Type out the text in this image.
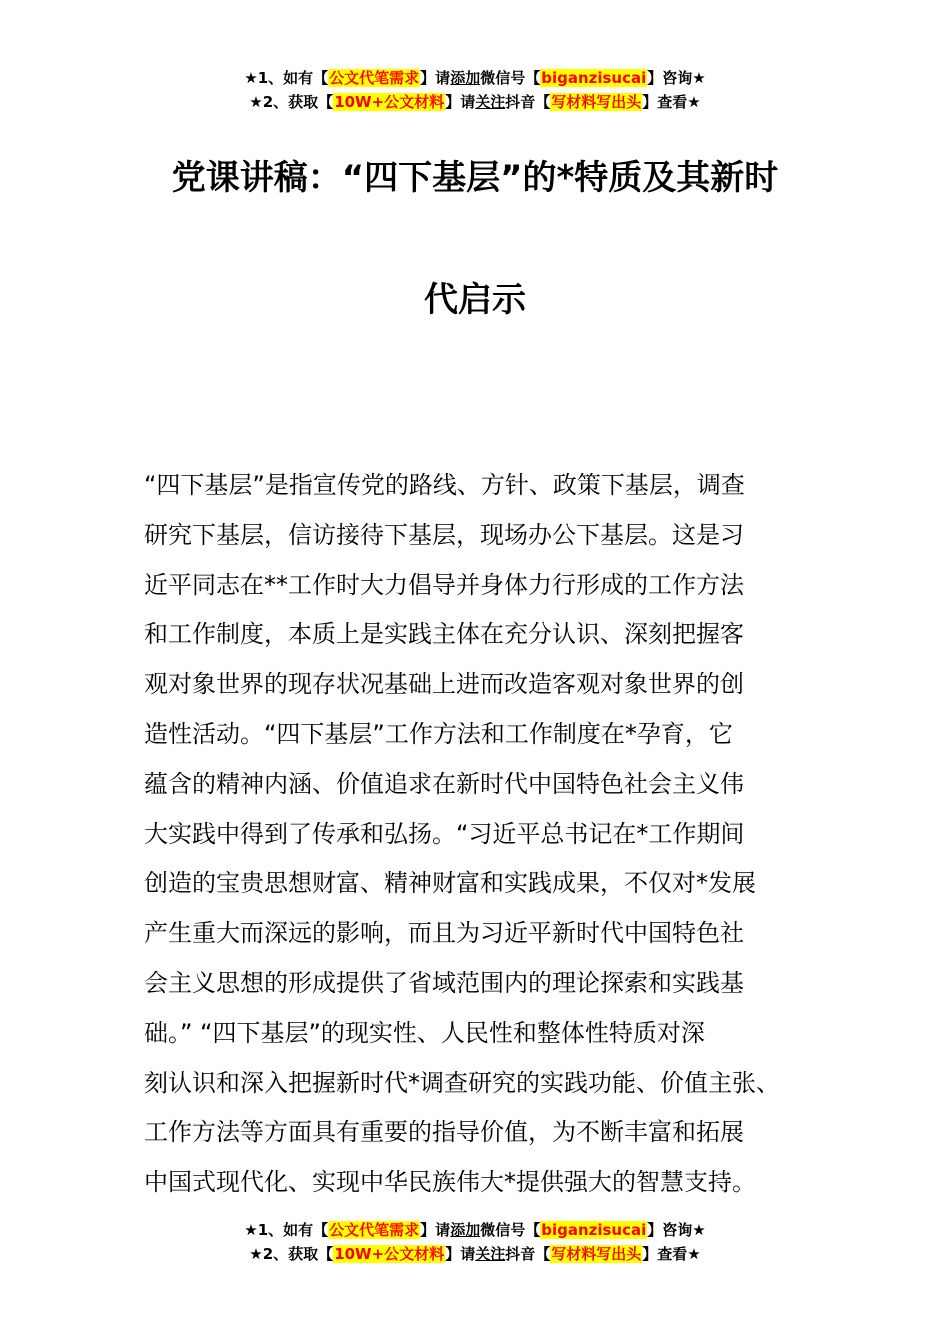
★1、如有【公文代笔需求】请添加微信号【biganzisucai】咨询★
★2、获取【10W+公文材料】请关注抖音【写材料写出头】查看★
党课讲稿：“四下基层”的*特质及其新时
代启示
“四下基层”是指宣传党的路线、方针、政策下基层，调查
研究下基层，信访接待下基层，现场办公下基层。这是习
近平同志在**工作时大力倡导并身体力行形成的工作方法
和工作制度，本质上是实践主体在充分认识、深刻把握客
观对象世界的现存状况基础上进而改造客观对象世界的创
造性活动。“四下基层”工作方法和工作制度在*孕育，它
蕴含的精神内涵、价值追求在新时代中国特色社会主义伟
大实践中得到了传承和弘扬。“习近平总书记在*工作期间
创造的宝贵思想财富、精神财富和实践成果，不仅对*发展
产生重大而深远的影响，而且为习近平新时代中国特色社
会主义思想的形成提供了省域范围内的理论探索和实践基
础。” “四下基层”的现实性、人民性和整体性特质对深
刻认识和深入把握新时代*调查研究的实践功能、价值主张、
工作方法等方面具有重要的指导价值，为不断丰富和拓展
中国式现代化、实现中华民族伟大*提供强大的智慧支持。
★1、如有【公文代笔需求】请添加微信号【biganzisucai】咨询★
★2、获取【10W+公文材料】请关注抖音【写材料写出头】查看★
